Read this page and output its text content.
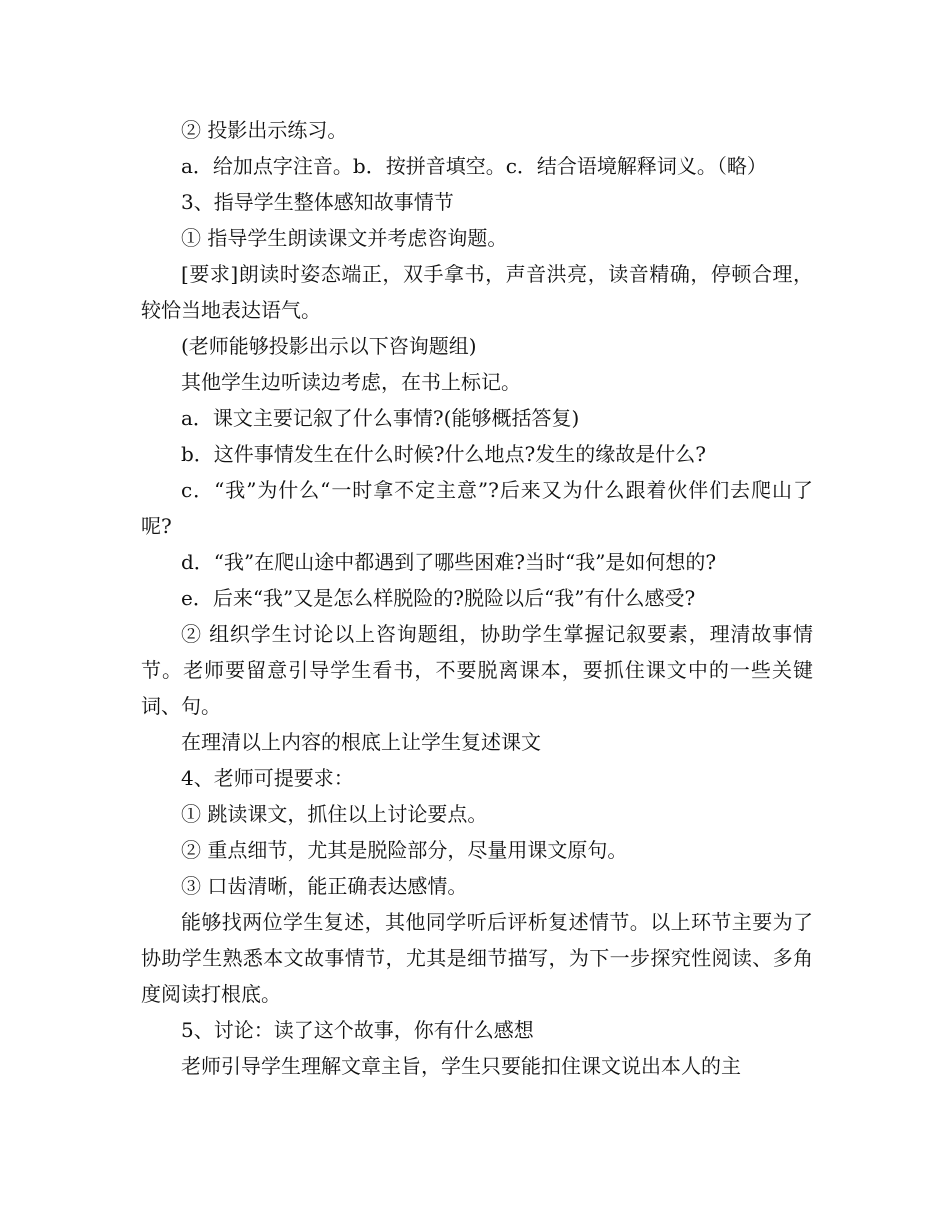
② 投影出示练习。

a．给加点字注音。b．按拼音填空。c．结合语境解释词义。（略）

3、指导学生整体感知故事情节

① 指导学生朗读课文并考虑咨询题。

[要求]朗读时姿态端正，双手拿书，声音洪亮，读音精确，停顿合理，较恰当地表达语气。

(老师能够投影出示以下咨询题组)

其他学生边听读边考虑，在书上标记。

a．课文主要记叙了什么事情?(能够概括答复)

b．这件事情发生在什么时候?什么地点?发生的缘故是什么?

c．“我”为什么“一时拿不定主意”?后来又为什么跟着伙伴们去爬山了呢?

d．“我”在爬山途中都遇到了哪些困难?当时“我”是如何想的?

e．后来“我”又是怎么样脱险的?脱险以后“我”有什么感受?

② 组织学生讨论以上咨询题组，协助学生掌握记叙要素，理清故事情节。老师要留意引导学生看书，不要脱离课本，要抓住课文中的一些关键词、句。

在理清以上内容的根底上让学生复述课文

4、老师可提要求：

① 跳读课文，抓住以上讨论要点。

② 重点细节，尤其是脱险部分，尽量用课文原句。

③ 口齿清晰，能正确表达感情。

能够找两位学生复述，其他同学听后评析复述情节。以上环节主要为了协助学生熟悉本文故事情节，尤其是细节描写，为下一步探究性阅读、多角度阅读打根底。

5、讨论：读了这个故事，你有什么感想

老师引导学生理解文章主旨，学生只要能扣住课文说出本人的主
